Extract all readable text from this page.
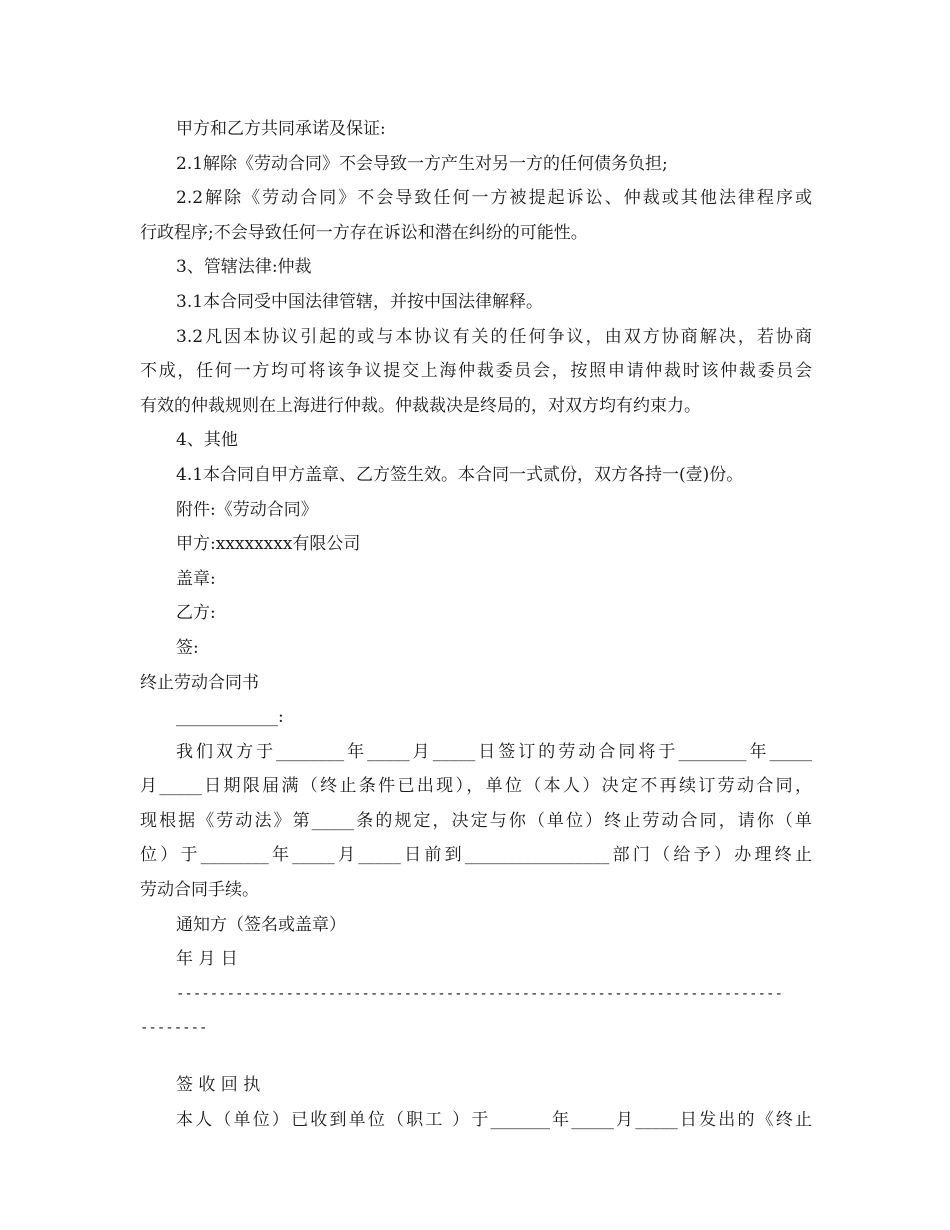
甲方和乙方共同承诺及保证:
2.1解除《劳动合同》不会导致一方产生对另一方的任何债务负担;
2.2解除《劳动合同》不会导致任何一方被提起诉讼、仲裁或其他法律程序或
行政程序;不会导致任何一方存在诉讼和潜在纠纷的可能性。
3、管辖法律:仲裁
3.1本合同受中国法律管辖，并按中国法律解释。
3.2凡因本协议引起的或与本协议有关的任何争议，由双方协商解决，若协商
不成，任何一方均可将该争议提交上海仲裁委员会，按照申请仲裁时该仲裁委员会
有效的仲裁规则在上海进行仲裁。仲裁裁决是终局的，对双方均有约束力。
4、其他
4.1本合同自甲方盖章、乙方签生效。本合同一式贰份，双方各持一(壹)份。
附件:《劳动合同》
甲方:xxxxxxxx有限公司
盖章:
乙方:
签:
终止劳动合同书
____________:
我们双方于________年_____月_____日签订的劳动合同将于________年_____
月_____日期限届满（终止条件已出现），单位（本人）决定不再续订劳动合同，
现根据《劳动法》第_____条的规定，决定与你（单位）终止劳动合同，请你（单
位）于________年_____月_____日前到_________________部门（给予）办理终止
劳动合同手续。
通知方（签名或盖章）
年 月 日
------------------------------------------------------------------------
--------
签 收 回 执
本人（单位）已收到单位（职工 ）于_______年_____月_____日发出的《终止
